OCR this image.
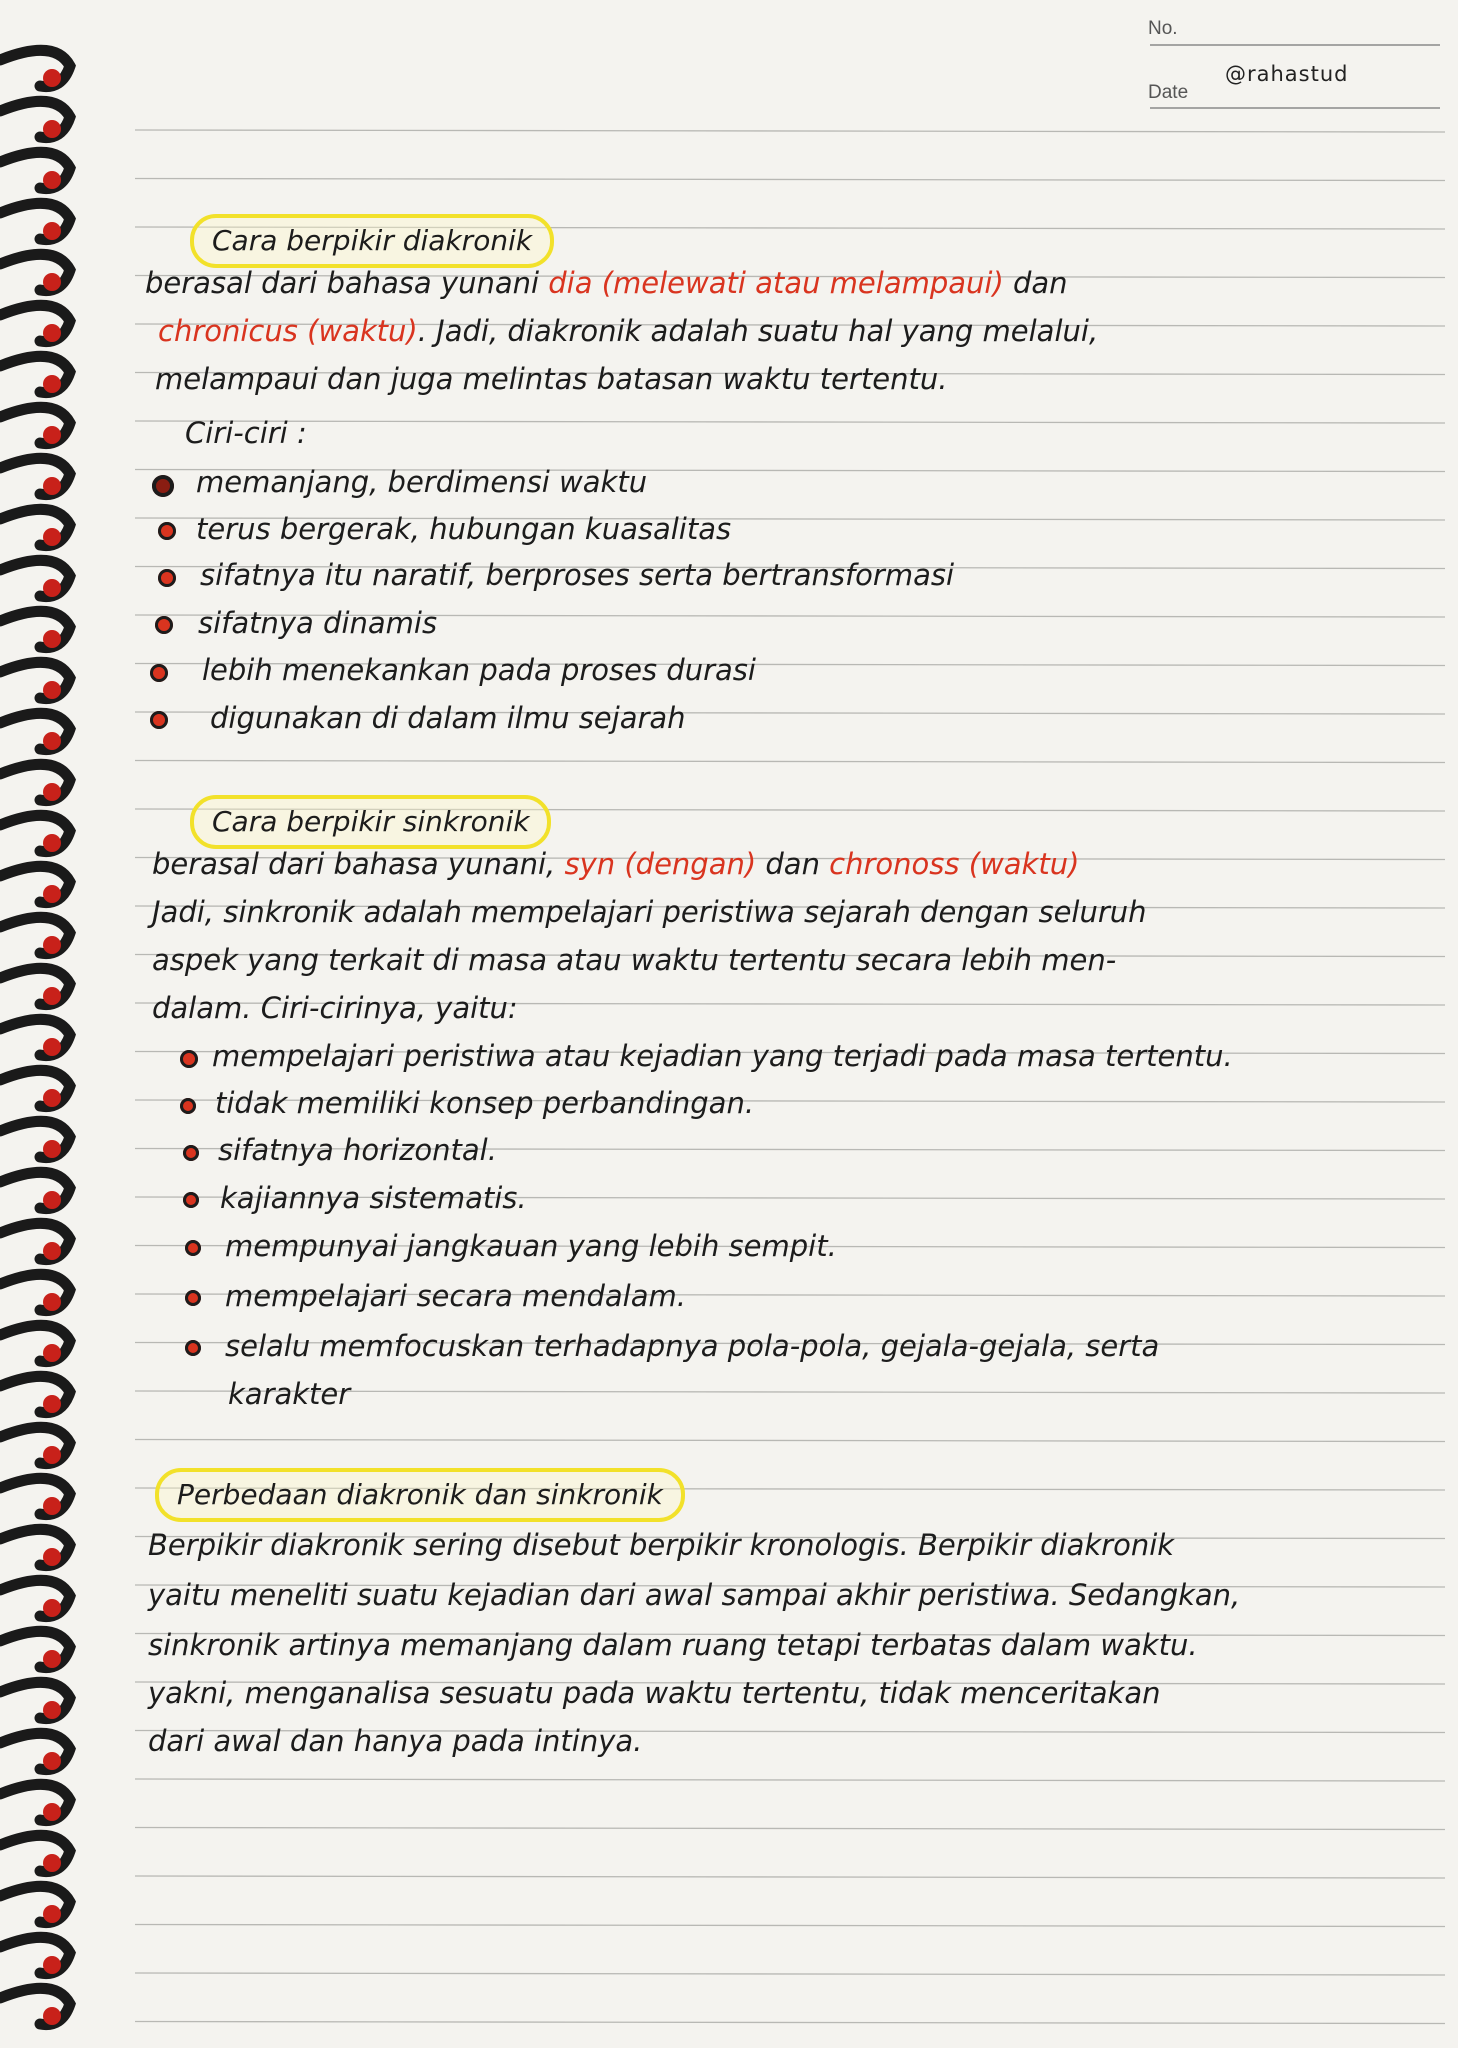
No.
Date
@rahastud
Cara berpikir diakronik
berasal dari bahasa yunani dia (melewati atau melampaui) dan
chronicus (waktu). Jadi, diakronik adalah suatu hal yang melalui,
melampaui dan juga melintas batasan waktu tertentu.
Ciri-ciri :
memanjang, berdimensi waktu
terus bergerak, hubungan kuasalitas
sifatnya itu naratif, berproses serta bertransformasi
sifatnya dinamis
lebih menekankan pada proses durasi
digunakan di dalam ilmu sejarah
Cara berpikir sinkronik
berasal dari bahasa yunani, syn (dengan) dan chronoss (waktu)
Jadi, sinkronik adalah mempelajari peristiwa sejarah dengan seluruh
aspek yang terkait di masa atau waktu tertentu secara lebih men-
dalam. Ciri-cirinya, yaitu:
mempelajari peristiwa atau kejadian yang terjadi pada masa tertentu.
tidak memiliki konsep perbandingan.
sifatnya horizontal.
kajiannya sistematis.
mempunyai jangkauan yang lebih sempit.
mempelajari secara mendalam.
selalu memfocuskan terhadapnya pola-pola, gejala-gejala, serta
karakter
Perbedaan diakronik dan sinkronik
Berpikir diakronik sering disebut berpikir kronologis. Berpikir diakronik
yaitu meneliti suatu kejadian dari awal sampai akhir peristiwa. Sedangkan,
sinkronik artinya memanjang dalam ruang tetapi terbatas dalam waktu.
yakni, menganalisa sesuatu pada waktu tertentu, tidak menceritakan
dari awal dan hanya pada intinya.
